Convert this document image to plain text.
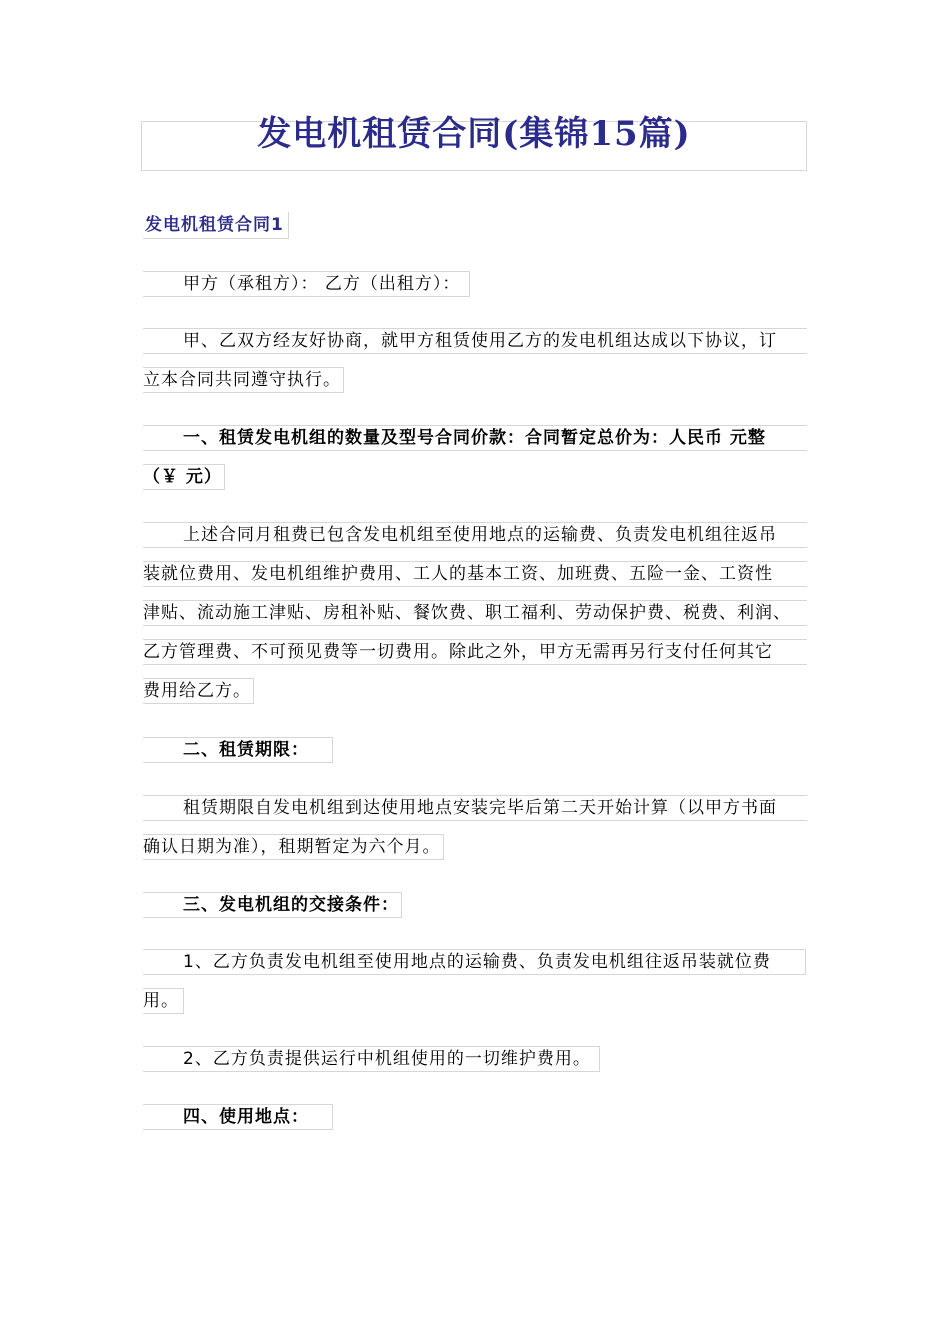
发电机租赁合同(集锦15篇)
发电机租赁合同1
甲方（承租方）： 乙方（出租方）：
甲、乙双方经友好协商，就甲方租赁使用乙方的发电机组达成以下协议，订
立本合同共同遵守执行。
一、租赁发电机组的数量及型号合同价款：合同暂定总价为：人民币 元整
（￥ 元）
上述合同月租费已包含发电机组至使用地点的运输费、负责发电机组往返吊
装就位费用、发电机组维护费用、工人的基本工资、加班费、五险一金、工资性
津贴、流动施工津贴、房租补贴、餐饮费、职工福利、劳动保护费、税费、利润、
乙方管理费、不可预见费等一切费用。除此之外，甲方无需再另行支付任何其它
费用给乙方。
二、租赁期限：
租赁期限自发电机组到达使用地点安装完毕后第二天开始计算（以甲方书面
确认日期为准），租期暂定为六个月。
三、发电机组的交接条件：
1、乙方负责发电机组至使用地点的运输费、负责发电机组往返吊装就位费
用。
2、乙方负责提供运行中机组使用的一切维护费用。
四、使用地点：
